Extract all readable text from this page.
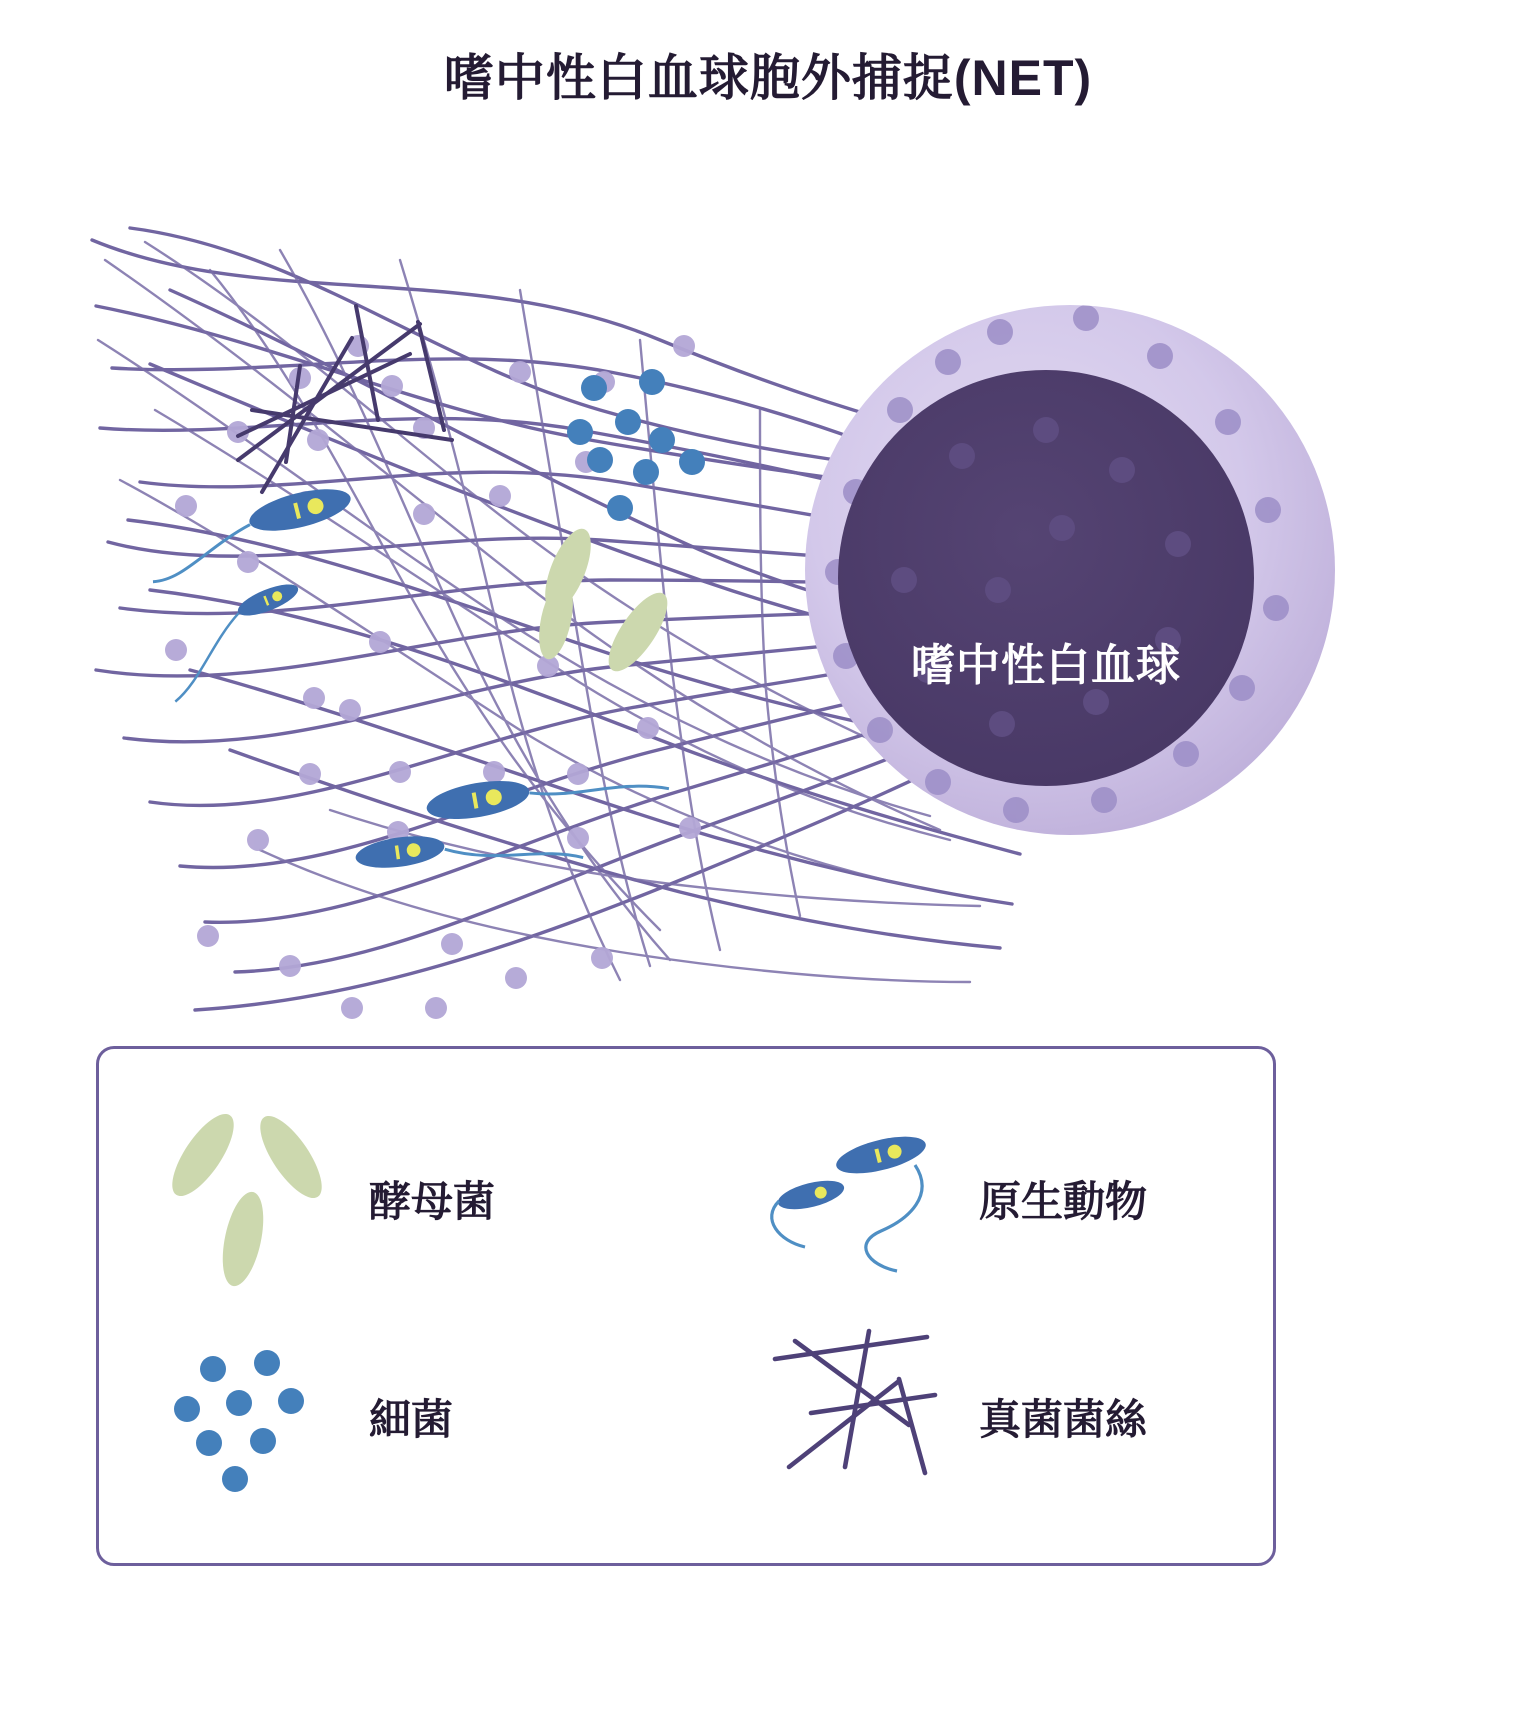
嗜中性白血球胞外捕捉(NET)
嗜中性白血球
酵母菌	原生動物
細菌	真菌菌絲
